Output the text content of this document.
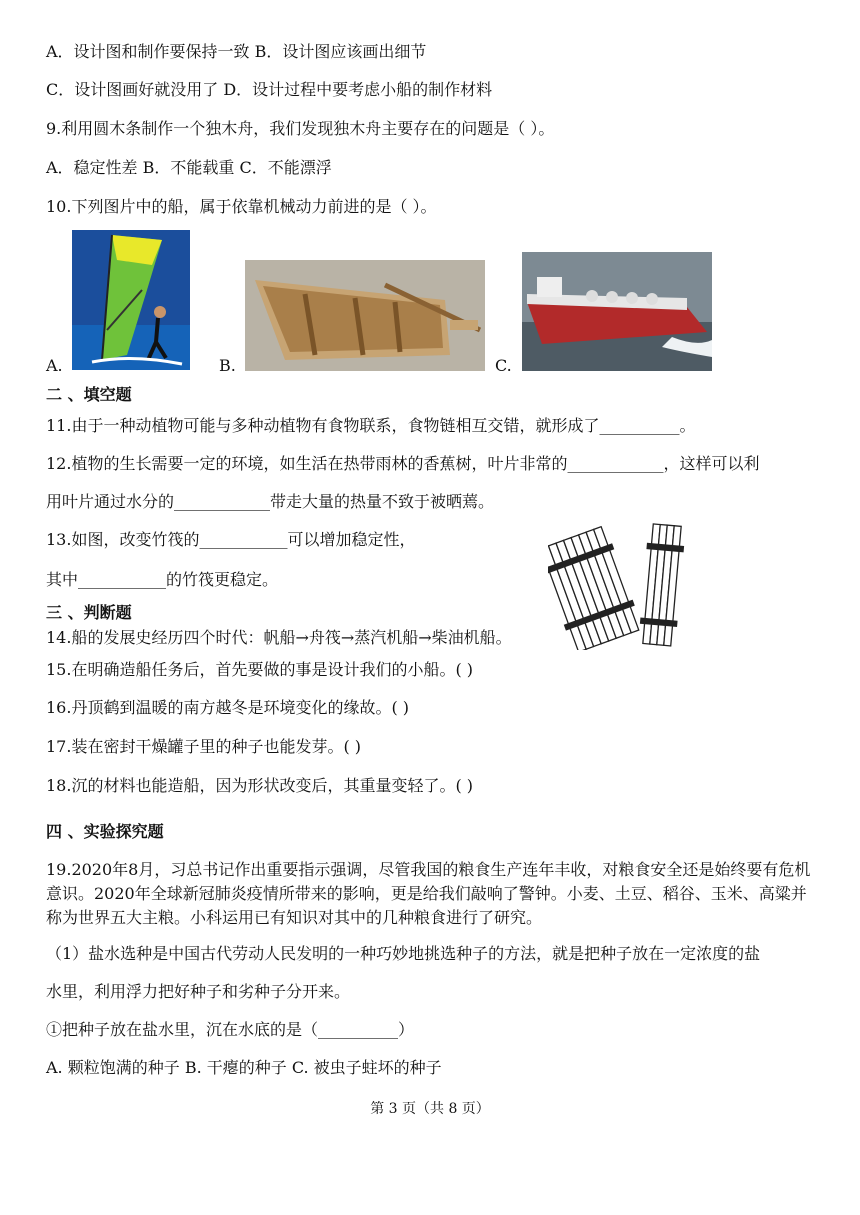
A．设计图和制作要保持一致 B．设计图应该画出细节
C．设计图画好就没用了 D．设计过程中要考虑小船的制作材料
9.利用圆木条制作一个独木舟，我们发现独木舟主要存在的问题是（ ）。
A．稳定性差 B．不能载重 C．不能漂浮
10.下列图片中的船，属于依靠机械动力前进的是（ ）。
A.	B.	C.
二 、填空题
11.由于一种动植物可能与多种动植物有食物联系，食物链相互交错，就形成了__________。
12.植物的生长需要一定的环境，如生活在热带雨林的香蕉树，叶片非常的____________，这样可以利
用叶片通过水分的____________带走大量的热量不致于被晒蔫。
13.如图，改变竹筏的___________可以增加稳定性，
其中___________的竹筏更稳定。
三 、判断题
14.船的发展史经历四个时代：帆船→舟筏→蒸汽机船→柴油机船。
15.在明确造船任务后，首先要做的事是设计我们的小船。( )
16.丹顶鹤到温暖的南方越冬是环境变化的缘故。( )
17.装在密封干燥罐子里的种子也能发芽。( )
18.沉的材料也能造船，因为形状改变后，其重量变轻了。( )
四 、实验探究题
19.2020年8月，习总书记作出重要指示强调，尽管我国的粮食生产连年丰收，对粮食安全还是始终要有危机意识。2020年全球新冠肺炎疫情所带来的影响，更是给我们敲响了警钟。小麦、土豆、稻谷、玉米、高粱并称为世界五大主粮。小科运用已有知识对其中的几种粮食进行了研究。
（1）盐水选种是中国古代劳动人民发明的一种巧妙地挑选种子的方法，就是把种子放在一定浓度的盐
水里，利用浮力把好种子和劣种子分开来。
①把种子放在盐水里，沉在水底的是（__________）
A. 颗粒饱满的种子 B. 干瘪的种子 C. 被虫子蛀坏的种子
第 3 页（共 8 页）
